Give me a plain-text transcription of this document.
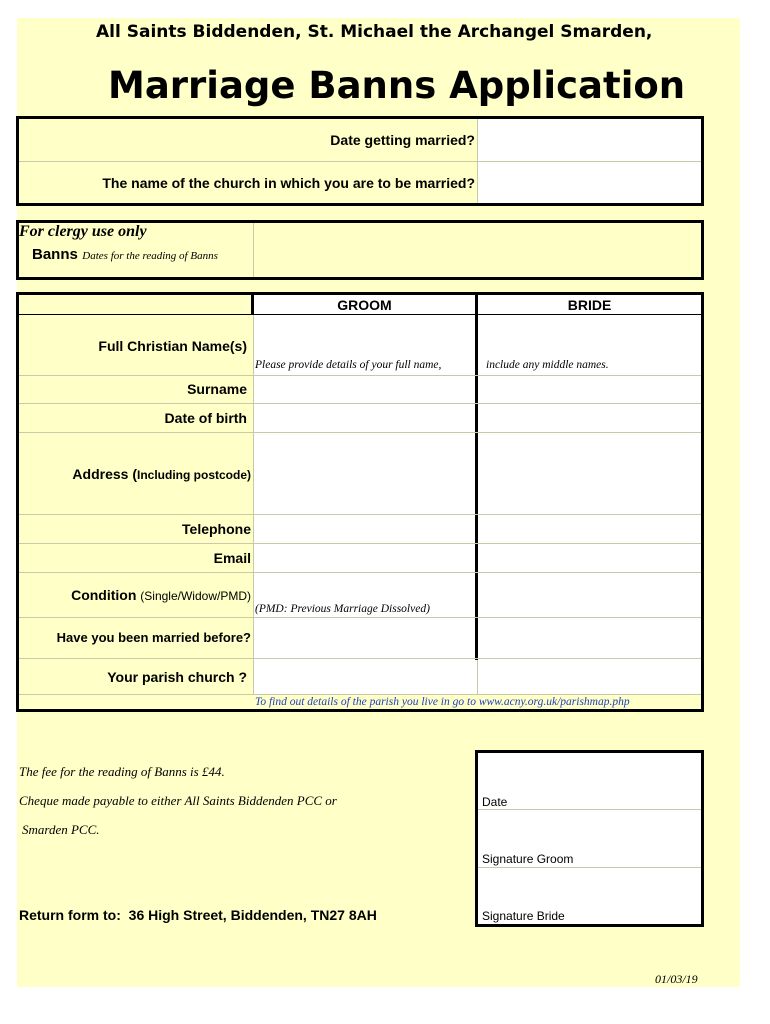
All Saints Biddenden, St. Michael the Archangel Smarden,
Marriage Banns Application
Date getting married?
The name of the church in which you are to be married?
For clergy use only
Banns Dates for the reading of Banns
GROOM	BRIDE
Full Christian Name(s)
Please provide details of your full name,	include any middle names.
Surname
Date of birth
Address (Including postcode)
Telephone
Email
Condition (Single/Widow/PMD)
(PMD: Previous Marriage Dissolved)
Have you been married before?
Your parish church ?
To find out details of the parish you live in go to www.acny.org.uk/parishmap.php
The fee for the reading of Banns is £44.
Cheque made payable to either All Saints Biddenden PCC or
Smarden PCC.
Return form to: 36 High Street, Biddenden, TN27 8AH
Date
Signature Groom
Signature Bride
01/03/19
